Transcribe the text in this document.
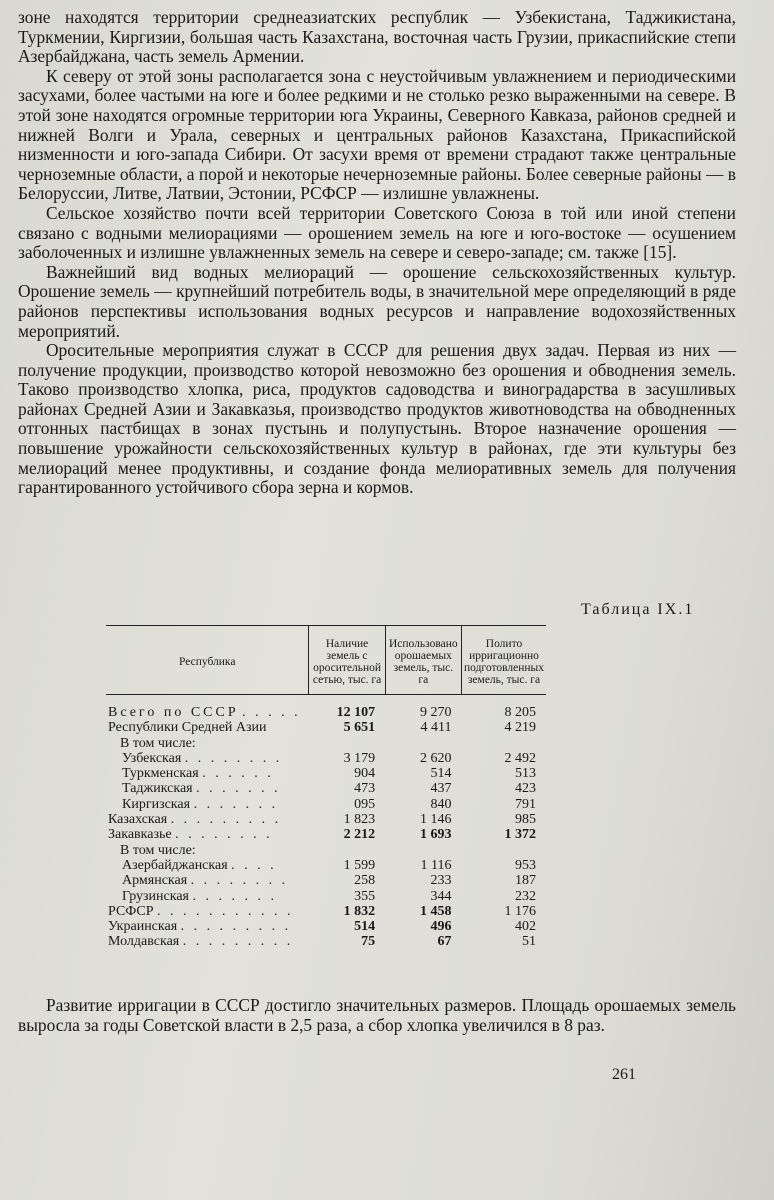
зоне находятся территории среднеазиатских республик — Узбекистана, Таджикистана, Туркмении, Киргизии, большая часть Казахстана, восточная часть Грузии, прикаспийские степи Азербайджана, часть земель Армении.

К северу от этой зоны располагается зона с неустойчивым увлажнением и периодическими засухами, более частыми на юге и более редкими и не столько резко выраженными на севере. В этой зоне находятся огромные территории юга Украины, Северного Кавказа, районов средней и нижней Волги и Урала, северных и центральных районов Казахстана, Прикаспийской низменности и юго-запада Сибири. От засухи время от времени страдают также центральные черноземные области, а порой и некоторые нечерноземные районы. Более северные районы — в Белоруссии, Литве, Латвии, Эстонии, РСФСР — излишне увлажнены.

Сельское хозяйство почти всей территории Советского Союза в той или иной степени связано с водными мелиорациями — орошением земель на юге и юго-востоке — осушением заболоченных и излишне увлажненных земель на севере и северо-западе; см. также [15].

Важнейший вид водных мелиораций — орошение сельскохозяйственных культур. Орошение земель — крупнейший потребитель воды, в значительной мере определяющий в ряде районов перспективы использования водных ресурсов и направление водохозяйственных мероприятий.

Оросительные мероприятия служат в СССР для решения двух задач. Первая из них — получение продукции, производство которой невозможно без орошения и обводнения земель. Таково производство хлопка, риса, продуктов садоводства и виноградарства в засушливых районах Средней Азии и Закавказья, производство продуктов животноводства на обводненных отгонных пастбищах в зонах пустынь и полупустынь. Второе назначение орошения — повышение урожайности сельскохозяйственных культур в районах, где эти культуры без мелиораций менее продуктивны, и создание фонда мелиоративных земель для получения гарантированного устойчивого сбора зерна и кормов.

Таблица IX.1
Республика	Наличие земель с оросительной сетью, тыс. га	Использовано орошаемых земель, тыс. га	Полито ирригационно подготовленных земель, тыс. га

Всего по СССР . . . . .	12 107	9 270	8 205
Республики Средней Азии	5 651	4 411	4 219
В том числе:			
Узбекская . . . . . . . .	3 179	2 620	2 492
Туркменская . . . . . .	904	514	513
Таджикская . . . . . . .	473	437	423
Киргизская . . . . . . .	095	840	791
Казахская . . . . . . . . .	1 823	1 146	985
Закавказье . . . . . . . .	2 212	1 693	1 372
В том числе:			
Азербайджанская . . . .	1 599	1 116	953
Армянская . . . . . . . .	258	233	187
Грузинская . . . . . . .	355	344	232
РСФСР . . . . . . . . . . .	1 832	1 458	1 176
Украинская . . . . . . . . .	514	496	402
Молдавская . . . . . . . . .	75	67	51

Развитие ирригации в СССР достигло значительных размеров. Площадь орошаемых земель выросла за годы Советской власти в 2,5 раза, а сбор хлопка увеличился в 8 раз.

261
